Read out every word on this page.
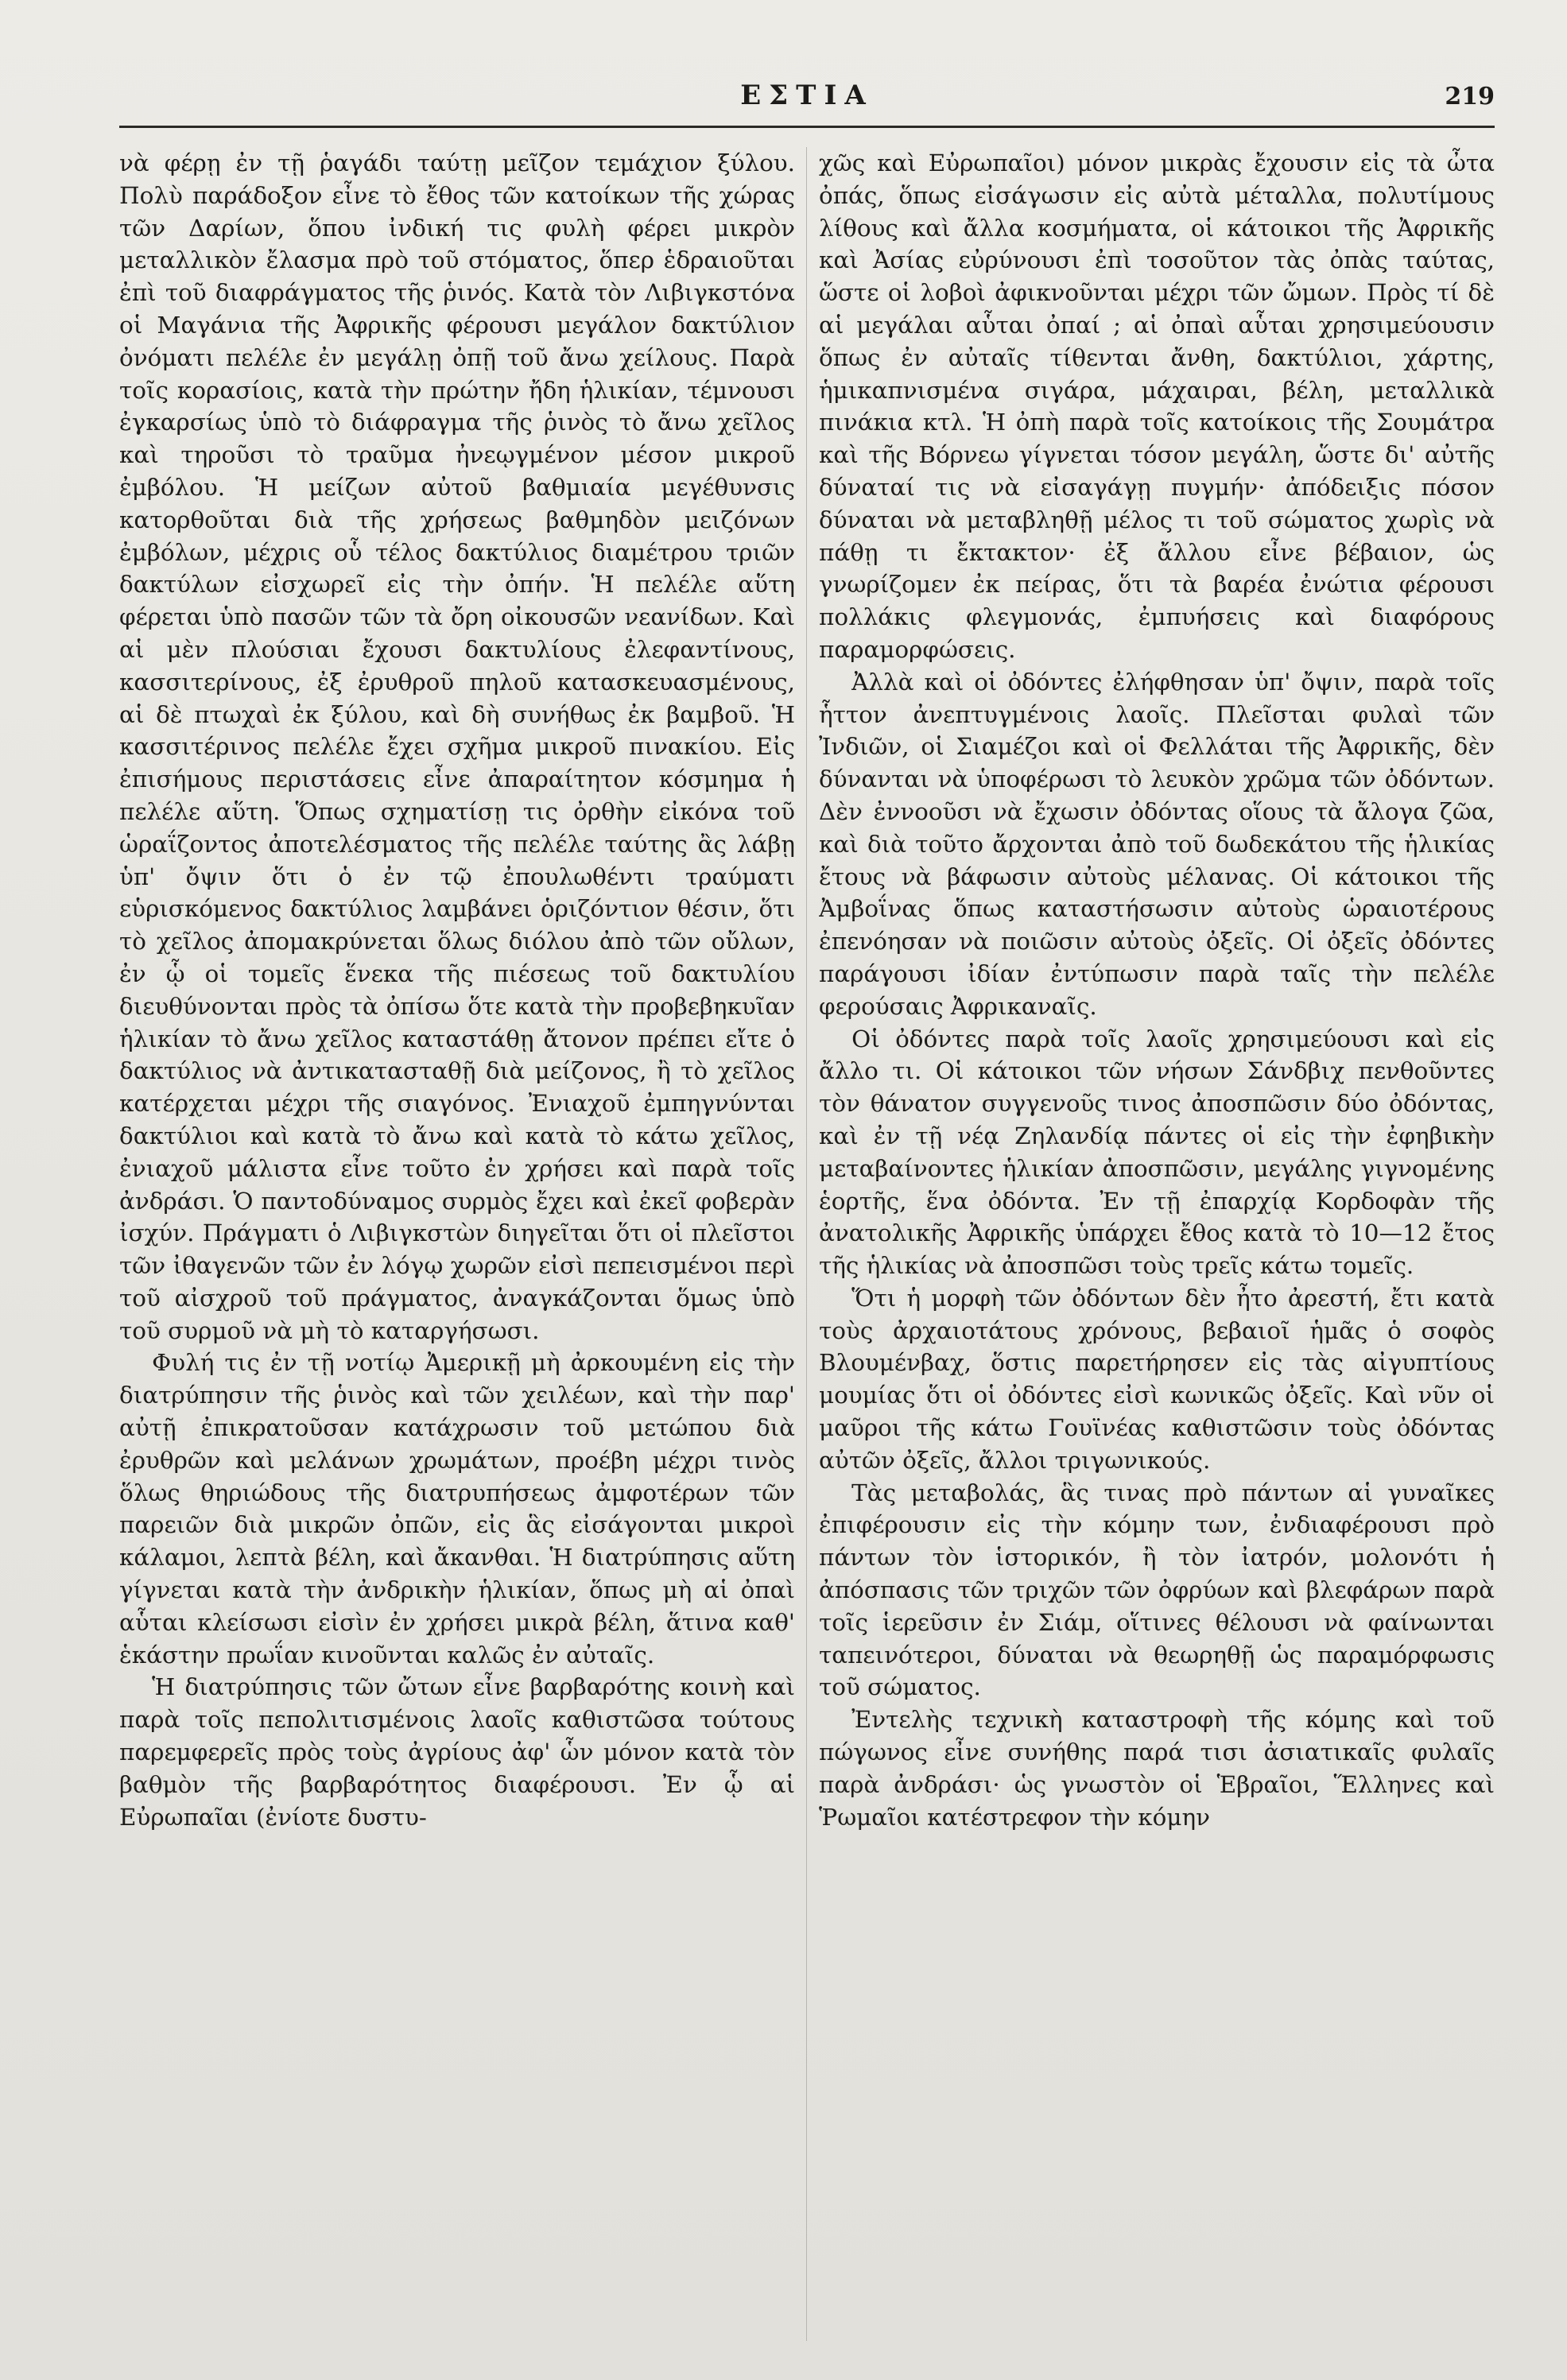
ΕΣΤΙΑ	219

νὰ φέρῃ ἐν τῇ ῥαγάδι ταύτῃ μεῖζον τεμάχιον ξύλου. Πολὺ παράδοξον εἶνε τὸ ἔθος τῶν κατοίκων τῆς χώρας τῶν Δαρίων, ὅπου ἰνδική τις φυλὴ φέρει μικρὸν μεταλλικὸν ἔλασμα πρὸ τοῦ στόματος, ὅπερ ἑδραιοῦται ἐπὶ τοῦ διαφράγματος τῆς ῥινός. Κατὰ τὸν Λιβιγκστόνα οἱ Μαγάνια τῆς Ἀφρικῆς φέρουσι μεγάλον δακτύλιον ὀνόματι πελέλε ἐν μεγάλῃ ὀπῇ τοῦ ἄνω χείλους. Παρὰ τοῖς κορασίοις, κατὰ τὴν πρώτην ἤδη ἡλικίαν, τέμνουσι ἐγκαρσίως ὑπὸ τὸ διάφραγμα τῆς ῥινὸς τὸ ἄνω χεῖλος καὶ τηροῦσι τὸ τραῦμα ἠνεῳγμένον μέσον μικροῦ ἐμβόλου. Ἡ μείζων αὐτοῦ βαθμιαία μεγέθυνσις κατορθοῦται διὰ τῆς χρήσεως βαθμηδὸν μειζόνων ἐμβόλων, μέχρις οὗ τέλος δακτύλιος διαμέτρου τριῶν δακτύλων εἰσχωρεῖ εἰς τὴν ὀπήν. Ἡ πελέλε αὕτη φέρεται ὑπὸ πασῶν τῶν τὰ ὄρη οἰκουσῶν νεανίδων. Καὶ αἱ μὲν πλούσιαι ἔχουσι δακτυλίους ἐλεφαντίνους, κασσιτερίνους, ἐξ ἐρυθροῦ πηλοῦ κατασκευασμένους, αἱ δὲ πτωχαὶ ἐκ ξύλου, καὶ δὴ συνήθως ἐκ βαμβοῦ. Ἡ κασσιτέρινος πελέλε ἔχει σχῆμα μικροῦ πινακίου. Εἰς ἐπισήμους περιστάσεις εἶνε ἀπαραίτητον κόσμημα ἡ πελέλε αὕτη. Ὅπως σχηματίσῃ τις ὀρθὴν εἰκόνα τοῦ ὡραΐζοντος ἀποτελέσματος τῆς πελέλε ταύτης ἂς λάβῃ ὑπ' ὄψιν ὅτι ὁ ἐν τῷ ἐπουλωθέντι τραύματι εὑρισκόμενος δακτύλιος λαμβάνει ὁριζόντιον θέσιν, ὅτι τὸ χεῖλος ἀπομακρύνεται ὅλως διόλου ἀπὸ τῶν οὔλων, ἐν ᾧ οἱ τομεῖς ἕνεκα τῆς πιέσεως τοῦ δακτυλίου διευθύνονται πρὸς τὰ ὀπίσω ὅτε κατὰ τὴν προβεβηκυῖαν ἡλικίαν τὸ ἄνω χεῖλος καταστάθῃ ἄτονον πρέπει εἴτε ὁ δακτύλιος νὰ ἀντικατασταθῇ διὰ μείζονος, ἢ τὸ χεῖλος κατέρχεται μέχρι τῆς σιαγόνος. Ἐνιαχοῦ ἐμπηγνύνται δακτύλιοι καὶ κατὰ τὸ ἄνω καὶ κατὰ τὸ κάτω χεῖλος, ἐνιαχοῦ μάλιστα εἶνε τοῦτο ἐν χρήσει καὶ παρὰ τοῖς ἀνδράσι. Ὁ παντοδύναμος συρμὸς ἔχει καὶ ἐκεῖ φοβερὰν ἰσχύν. Πράγματι ὁ Λιβιγκστὼν διηγεῖται ὅτι οἱ πλεῖστοι τῶν ἰθαγενῶν τῶν ἐν λόγῳ χωρῶν εἰσὶ πεπεισμένοι περὶ τοῦ αἰσχροῦ τοῦ πράγματος, ἀναγκάζονται ὅμως ὑπὸ τοῦ συρμοῦ νὰ μὴ τὸ καταργήσωσι.

Φυλή τις ἐν τῇ νοτίῳ Ἀμερικῇ μὴ ἀρκουμένη εἰς τὴν διατρύπησιν τῆς ῥινὸς καὶ τῶν χειλέων, καὶ τὴν παρ' αὐτῇ ἐπικρατοῦσαν κατάχρωσιν τοῦ μετώπου διὰ ἐρυθρῶν καὶ μελάνων χρωμάτων, προέβη μέχρι τινὸς ὅλως θηριώδους τῆς διατρυπήσεως ἀμφοτέρων τῶν παρειῶν διὰ μικρῶν ὀπῶν, εἰς ἃς εἰσάγονται μικροὶ κάλαμοι, λεπτὰ βέλη, καὶ ἄκανθαι. Ἡ διατρύπησις αὕτη γίγνεται κατὰ τὴν ἀνδρικὴν ἡλικίαν, ὅπως μὴ αἱ ὀπαὶ αὗται κλείσωσι εἰσὶν ἐν χρήσει μικρὰ βέλη, ἅτινα καθ' ἑκάστην πρωΐαν κινοῦνται καλῶς ἐν αὐταῖς.

Ἡ διατρύπησις τῶν ὤτων εἶνε βαρβαρότης κοινὴ καὶ παρὰ τοῖς πεπολιτισμένοις λαοῖς καθιστῶσα τούτους παρεμφερεῖς πρὸς τοὺς ἀγρίους ἀφ' ὧν μόνον κατὰ τὸν βαθμὸν τῆς βαρβαρότητος διαφέρουσι. Ἐν ᾧ αἱ Εὐρωπαῖαι (ἐνίοτε δυστυ-

χῶς καὶ Εὐρωπαῖοι) μόνον μικρὰς ἔχουσιν εἰς τὰ ὦτα ὀπάς, ὅπως εἰσάγωσιν εἰς αὐτὰ μέταλλα, πολυτίμους λίθους καὶ ἄλλα κοσμήματα, οἱ κάτοικοι τῆς Ἀφρικῆς καὶ Ἀσίας εὐρύνουσι ἐπὶ τοσοῦτον τὰς ὀπὰς ταύτας, ὥστε οἱ λοβοὶ ἀφικνοῦνται μέχρι τῶν ὤμων. Πρὸς τί δὲ αἱ μεγάλαι αὗται ὀπαί ; αἱ ὀπαὶ αὗται χρησιμεύουσιν ὅπως ἐν αὐταῖς τίθενται ἄνθη, δακτύλιοι, χάρτης, ἡμικαπνισμένα σιγάρα, μάχαιραι, βέλη, μεταλλικὰ πινάκια κτλ. Ἡ ὀπὴ παρὰ τοῖς κατοίκοις τῆς Σουμάτρα καὶ τῆς Βόρνεω γίγνεται τόσον μεγάλη, ὥστε δι' αὐτῆς δύναταί τις νὰ εἰσαγάγῃ πυγμήν· ἀπόδειξις πόσον δύναται νὰ μεταβληθῇ μέλος τι τοῦ σώματος χωρὶς νὰ πάθῃ τι ἔκτακτον· ἐξ ἄλλου εἶνε βέβαιον, ὡς γνωρίζομεν ἐκ πείρας, ὅτι τὰ βαρέα ἐνώτια φέρουσι πολλάκις φλεγμονάς, ἐμπυήσεις καὶ διαφόρους παραμορφώσεις.

Ἀλλὰ καὶ οἱ ὀδόντες ἐλήφθησαν ὑπ' ὄψιν, παρὰ τοῖς ἧττον ἀνεπτυγμένοις λαοῖς. Πλεῖσται φυλαὶ τῶν Ἰνδιῶν, οἱ Σιαμέζοι καὶ οἱ Φελλάται τῆς Ἀφρικῆς, δὲν δύνανται νὰ ὑποφέρωσι τὸ λευκὸν χρῶμα τῶν ὀδόντων. Δὲν ἐννοοῦσι νὰ ἔχωσιν ὀδόντας οἵους τὰ ἄλογα ζῶα, καὶ διὰ τοῦτο ἄρχονται ἀπὸ τοῦ δωδεκάτου τῆς ἡλικίας ἔτους νὰ βάφωσιν αὐτοὺς μέλανας. Οἱ κάτοικοι τῆς Ἀμβοΐνας ὅπως καταστήσωσιν αὐτοὺς ὡραιοτέρους ἐπενόησαν νὰ ποιῶσιν αὐτοὺς ὀξεῖς. Οἱ ὀξεῖς ὀδόντες παράγουσι ἰδίαν ἐντύπωσιν παρὰ ταῖς τὴν πελέλε φερούσαις Ἀφρικαναῖς.

Οἱ ὀδόντες παρὰ τοῖς λαοῖς χρησιμεύουσι καὶ εἰς ἄλλο τι. Οἱ κάτοικοι τῶν νήσων Σάνδβιχ πενθοῦντες τὸν θάνατον συγγενοῦς τινος ἀποσπῶσιν δύο ὀδόντας, καὶ ἐν τῇ νέᾳ Ζηλανδίᾳ πάντες οἱ εἰς τὴν ἐφηβικὴν μεταβαίνοντες ἡλικίαν ἀποσπῶσιν, μεγάλης γιγνομένης ἑορτῆς, ἕνα ὀδόντα. Ἐν τῇ ἐπαρχίᾳ Κορδοφὰν τῆς ἀνατολικῆς Ἀφρικῆς ὑπάρχει ἔθος κατὰ τὸ 10—12 ἔτος τῆς ἡλικίας νὰ ἀποσπῶσι τοὺς τρεῖς κάτω τομεῖς.

Ὅτι ἡ μορφὴ τῶν ὀδόντων δὲν ἦτο ἀρεστή, ἔτι κατὰ τοὺς ἀρχαιοτάτους χρόνους, βεβαιοῖ ἡμᾶς ὁ σοφὸς Βλουμένβαχ, ὅστις παρετήρησεν εἰς τὰς αἰγυπτίους μουμίας ὅτι οἱ ὀδόντες εἰσὶ κωνικῶς ὀξεῖς. Καὶ νῦν οἱ μαῦροι τῆς κάτω Γουϊνέας καθιστῶσιν τοὺς ὀδόντας αὐτῶν ὀξεῖς, ἄλλοι τριγωνικούς.

Τὰς μεταβολάς, ἃς τινας πρὸ πάντων αἱ γυναῖκες ἐπιφέρουσιν εἰς τὴν κόμην των, ἐνδιαφέρουσι πρὸ πάντων τὸν ἱστορικόν, ἢ τὸν ἰατρόν, μολονότι ἡ ἀπόσπασις τῶν τριχῶν τῶν ὀφρύων καὶ βλεφάρων παρὰ τοῖς ἱερεῦσιν ἐν Σιάμ, οἵτινες θέλουσι νὰ φαίνωνται ταπεινότεροι, δύναται νὰ θεωρηθῇ ὡς παραμόρφωσις τοῦ σώματος.

Ἐντελὴς τεχνικὴ καταστροφὴ τῆς κόμης καὶ τοῦ πώγωνος εἶνε συνήθης παρά τισι ἀσιατικαῖς φυλαῖς παρὰ ἀνδράσι· ὡς γνωστὸν οἱ Ἑβραῖοι, Ἕλληνες καὶ Ῥωμαῖοι κατέστρεφον τὴν κόμην
